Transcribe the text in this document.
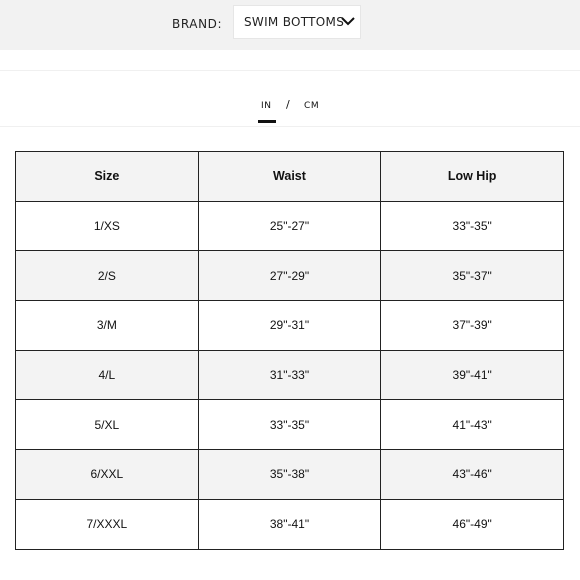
BRAND: SWIM BOTTOMS
IN / CM
Size	Waist	Low Hip
1/XS	25"-27"	33"-35"
2/S	27"-29"	35"-37"
3/M	29"-31"	37"-39"
4/L	31"-33"	39"-41"
5/XL	33"-35"	41"-43"
6/XXL	35"-38"	43"-46"
7/XXXL	38"-41"	46"-49"
